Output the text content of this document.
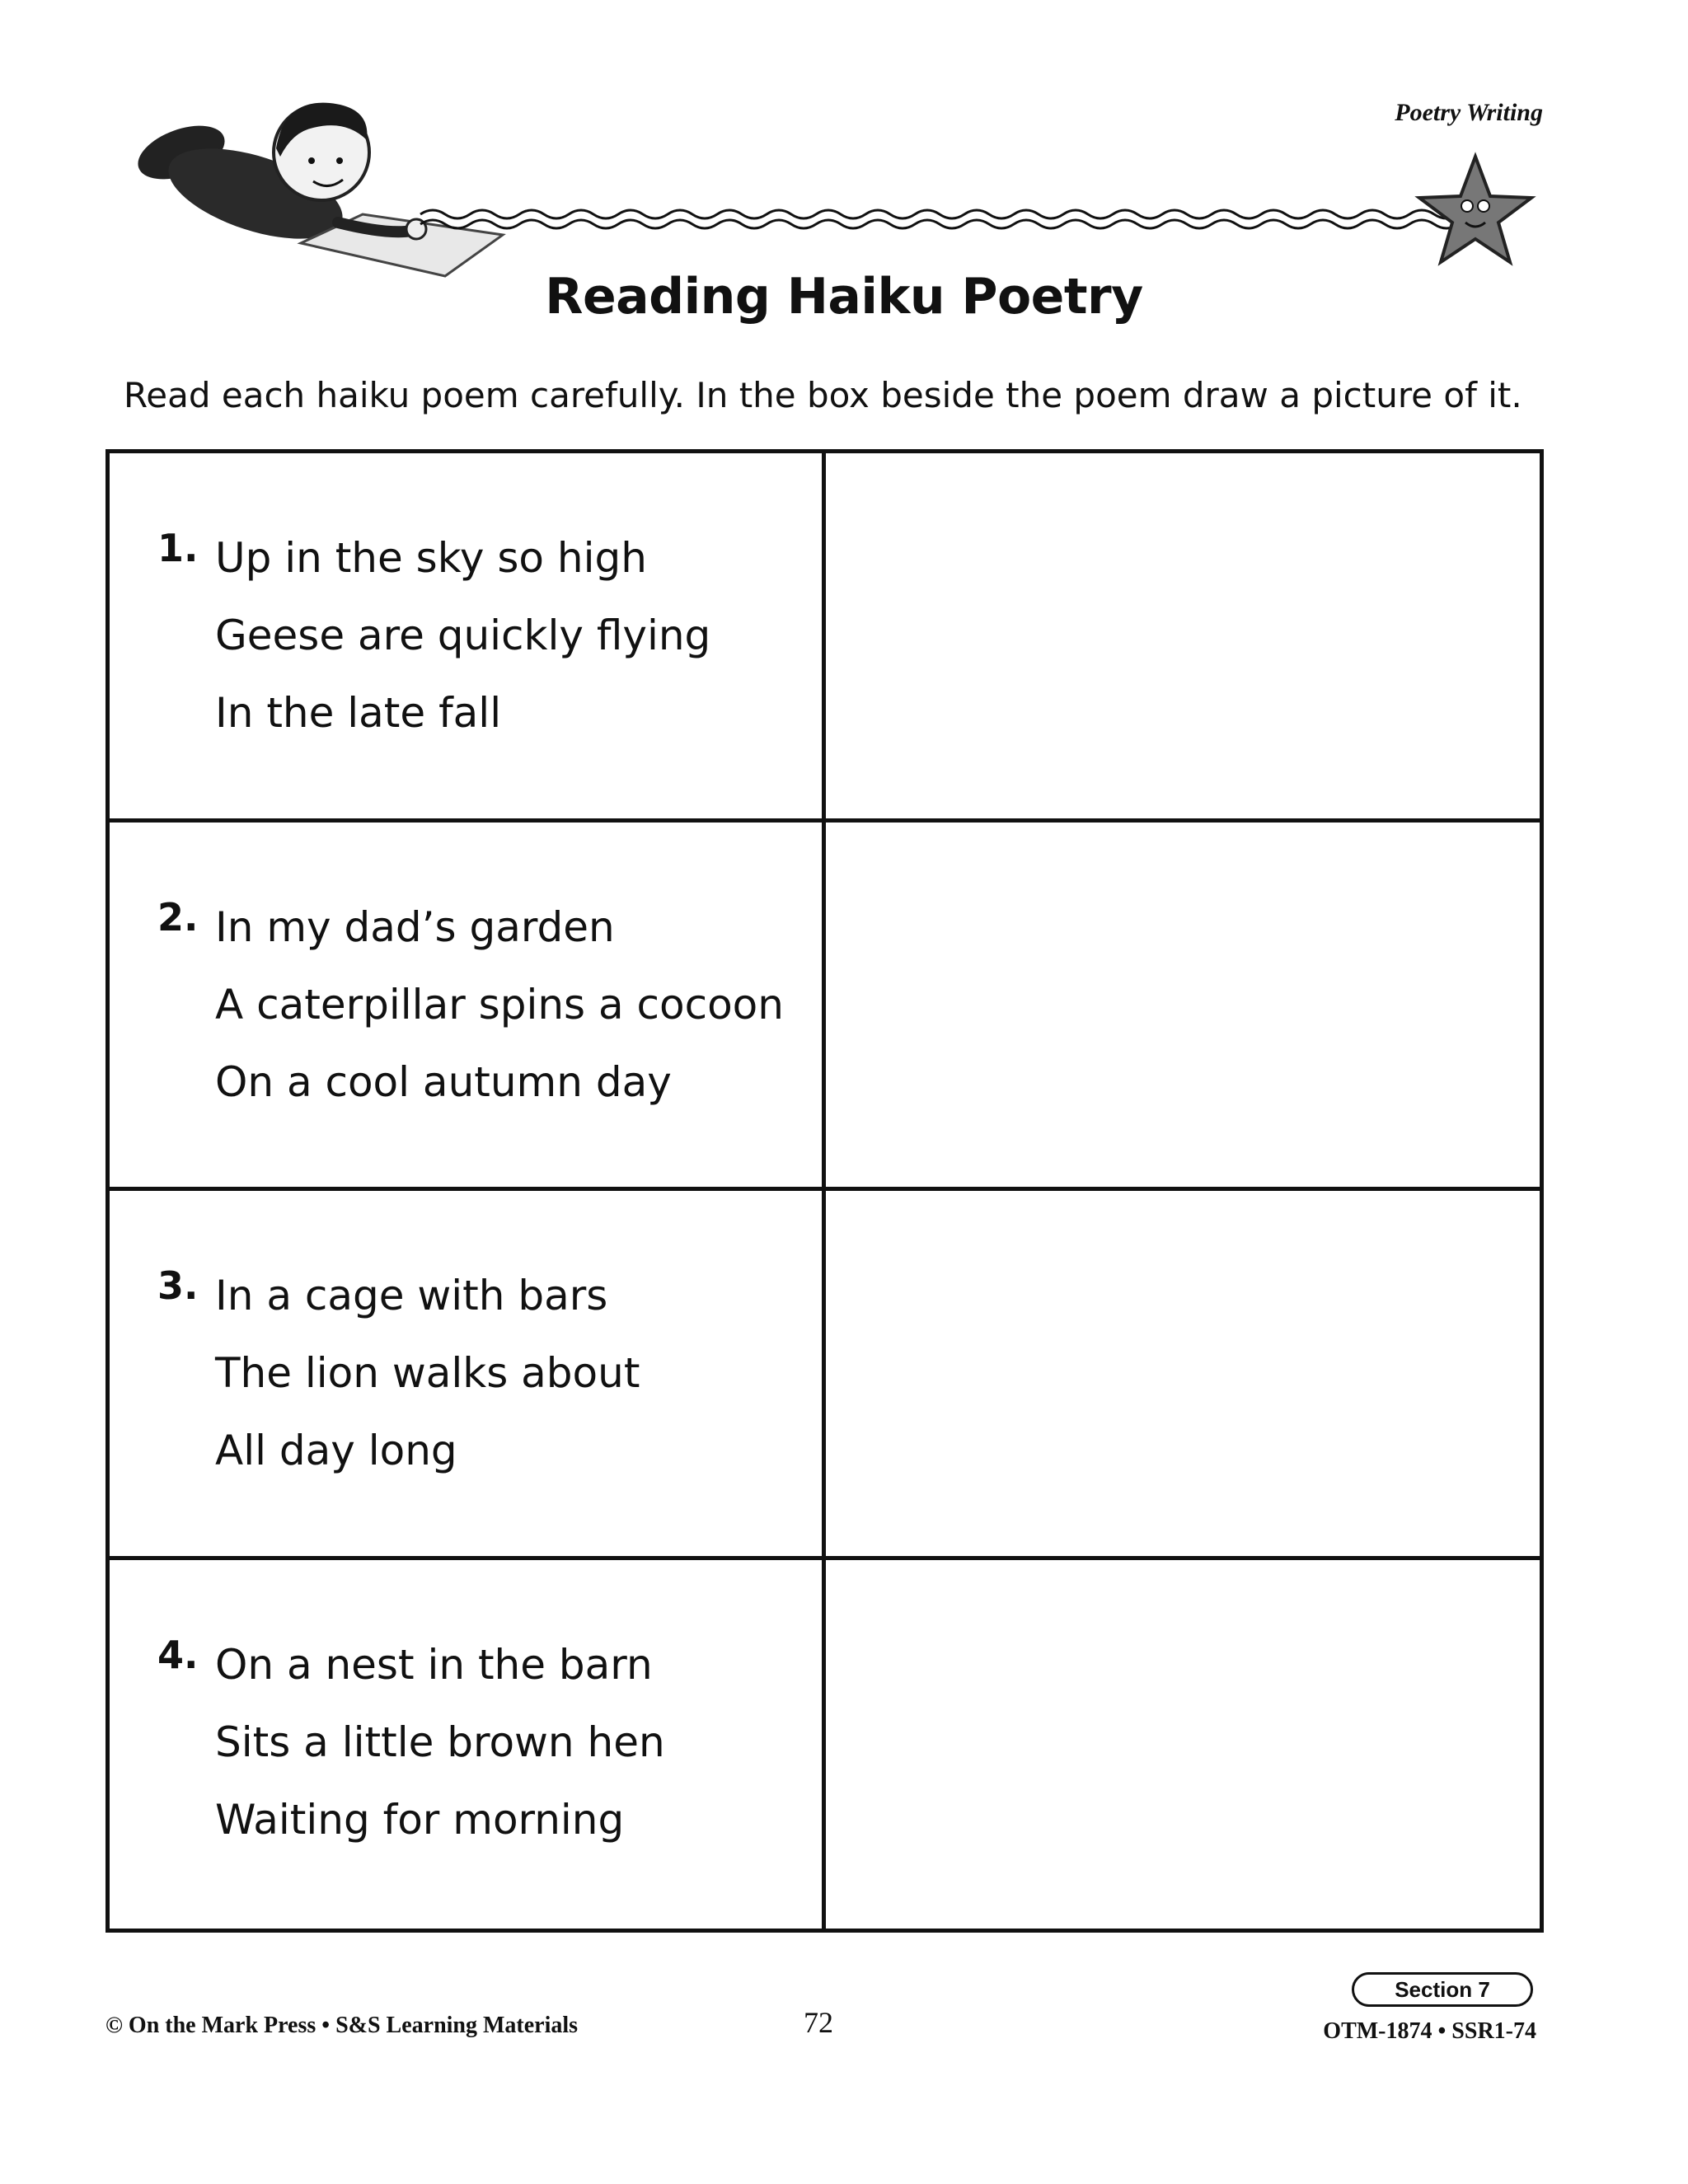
Poetry Writing
Reading Haiku Poetry
Read each haiku poem carefully. In the box beside the poem draw a picture of it.
1. Up in the sky so high
Geese are quickly flying
In the late fall
2. In my dad’s garden
A caterpillar spins a cocoon
On a cool autumn day
3. In a cage with bars
The lion walks about
All day long
4. On a nest in the barn
Sits a little brown hen
Waiting for morning
Section 7
© On the Mark Press • S&S Learning Materials	72	OTM-1874 • SSR1-74
